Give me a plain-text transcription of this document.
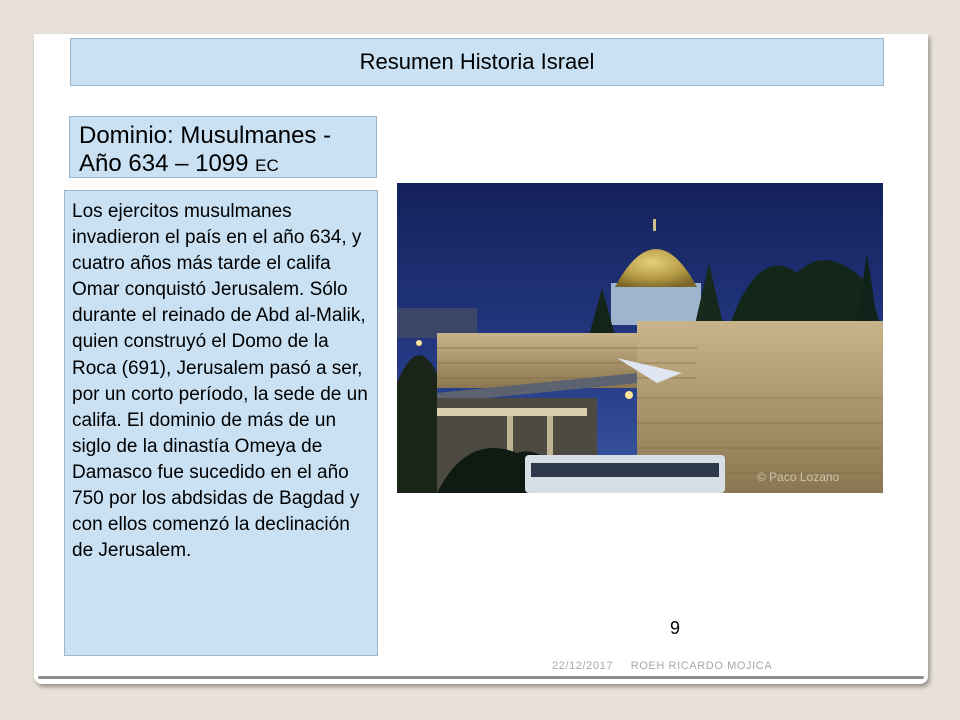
Resumen Historia Israel
Dominio: Musulmanes - Año 634 – 1099 EC
Los ejercitos musulmanes invadieron el país en el año 634, y cuatro años más tarde el califa Omar conquistó Jerusalem. Sólo durante el reinado de Abd al-Malik, quien construyó el Domo de la Roca (691), Jerusalem pasó a ser, por un corto período, la sede de un califa. El dominio de más de un siglo de la dinastía Omeya de Damasco fue sucedido en el año 750 por los abdsidas de Bagdad y con ellos comenzó la declinación de Jerusalem.
© Paco Lozano
9
22/12/2017 ROEH RICARDO MOJICA
